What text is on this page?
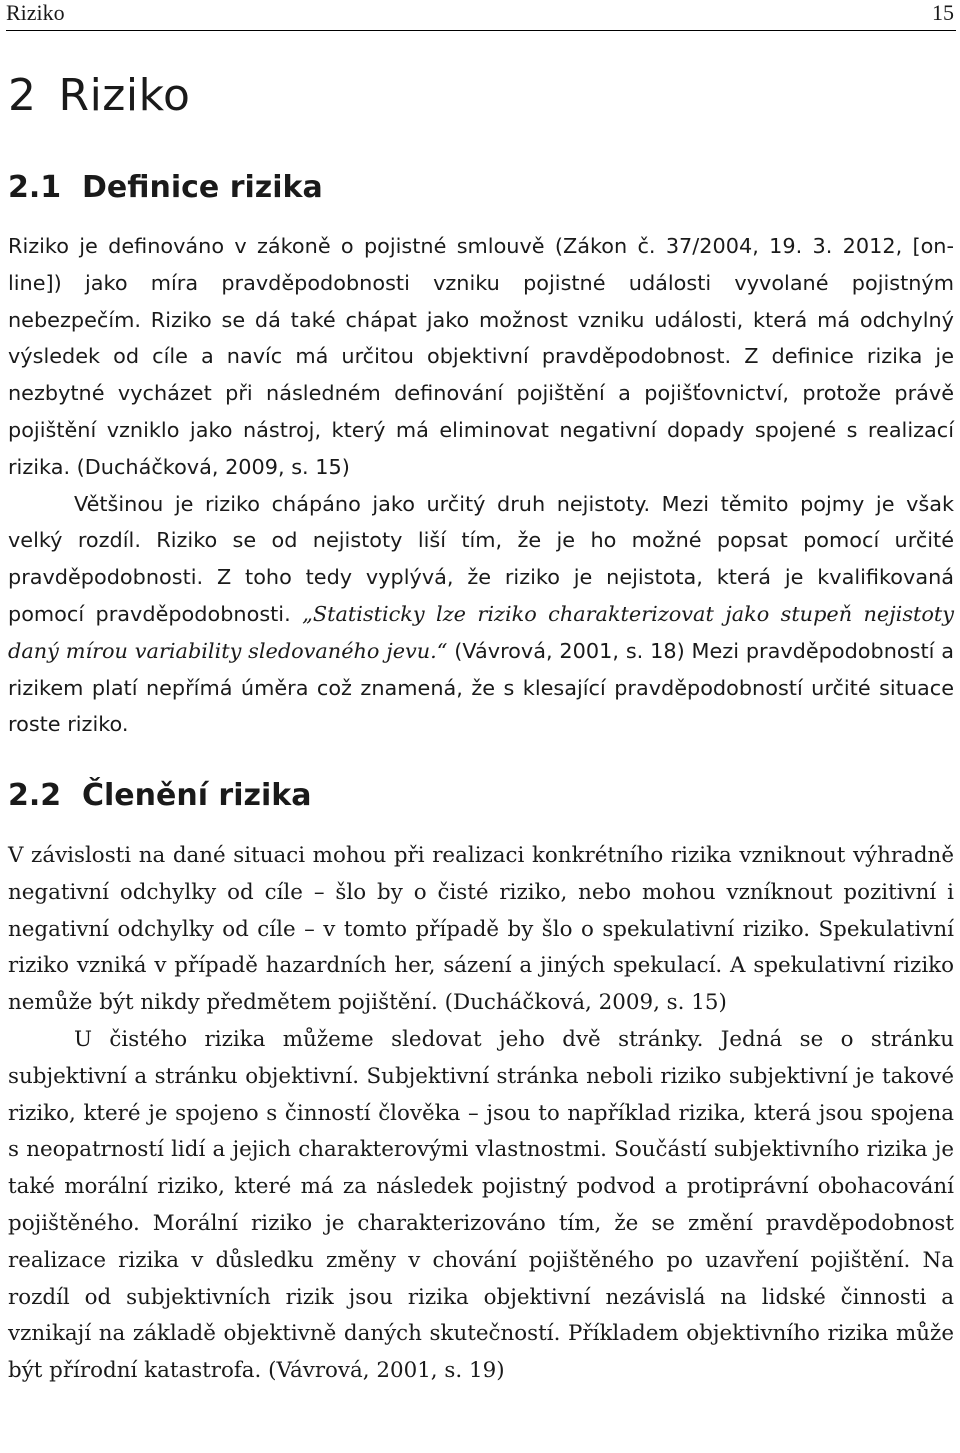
Riziko	15
2 Riziko
2.1 Definice rizika

Riziko je definováno v zákoně o pojistné smlouvě (Zákon č. 37/2004, 19. 3. 2012, [on-line]) jako míra pravděpodobnosti vzniku pojistné události vyvolané pojistným nebezpečím. Riziko se dá také chápat jako možnost vzniku události, která má odchylný výsledek od cíle a navíc má určitou objektivní pravděpodobnost. Z definice rizika je nezbytné vycházet při následném definování pojištění a pojišťovnictví, protože právě pojištění vzniklo jako nástroj, který má eliminovat negativní dopady spojené s realizací rizika. (Ducháčková, 2009, s. 15)

Většinou je riziko chápáno jako určitý druh nejistoty. Mezi těmito pojmy je však velký rozdíl. Riziko se od nejistoty liší tím, že je ho možné popsat pomocí určité pravděpodobnosti. Z toho tedy vyplývá, že riziko je nejistota, která je kvalifikovaná pomocí pravděpodobnosti. „Statisticky lze riziko charakterizovat jako stupeň nejistoty daný mírou variability sledovaného jevu.“ (Vávrová, 2001, s. 18) Mezi pravděpodobností a rizikem platí nepřímá úměra což znamená, že s klesající pravděpodobností určité situace roste riziko.

2.2 Členění rizika

V závislosti na dané situaci mohou při realizaci konkrétního rizika vzniknout výhradně negativní odchylky od cíle – šlo by o čisté riziko, nebo mohou vzníknout pozitivní i negativní odchylky od cíle – v tomto případě by šlo o spekulativní riziko. Spekulativní riziko vzniká v případě hazardních her, sázení a jiných spekulací. A spekulativní riziko nemůže být nikdy předmětem pojištění. (Ducháčková, 2009, s. 15)

U čistého rizika můžeme sledovat jeho dvě stránky. Jedná se o stránku subjektivní a stránku objektivní. Subjektivní stránka neboli riziko subjektivní je takové riziko, které je spojeno s činností člověka – jsou to například rizika, která jsou spojena s neopatrností lidí a jejich charakterovými vlastnostmi. Součástí subjektivního rizika je také morální riziko, které má za následek pojistný podvod a protiprávní obohacování pojištěného. Morální riziko je charakterizováno tím, že se změní pravděpodobnost realizace rizika v důsledku změny v chování pojištěného po uzavření pojištění. Na rozdíl od subjektivních rizik jsou rizika objektivní nezávislá na lidské činnosti a vznikají na základě objektivně daných skutečností. Příkladem objektivního rizika může být přírodní katastrofa. (Vávrová, 2001, s. 19)
